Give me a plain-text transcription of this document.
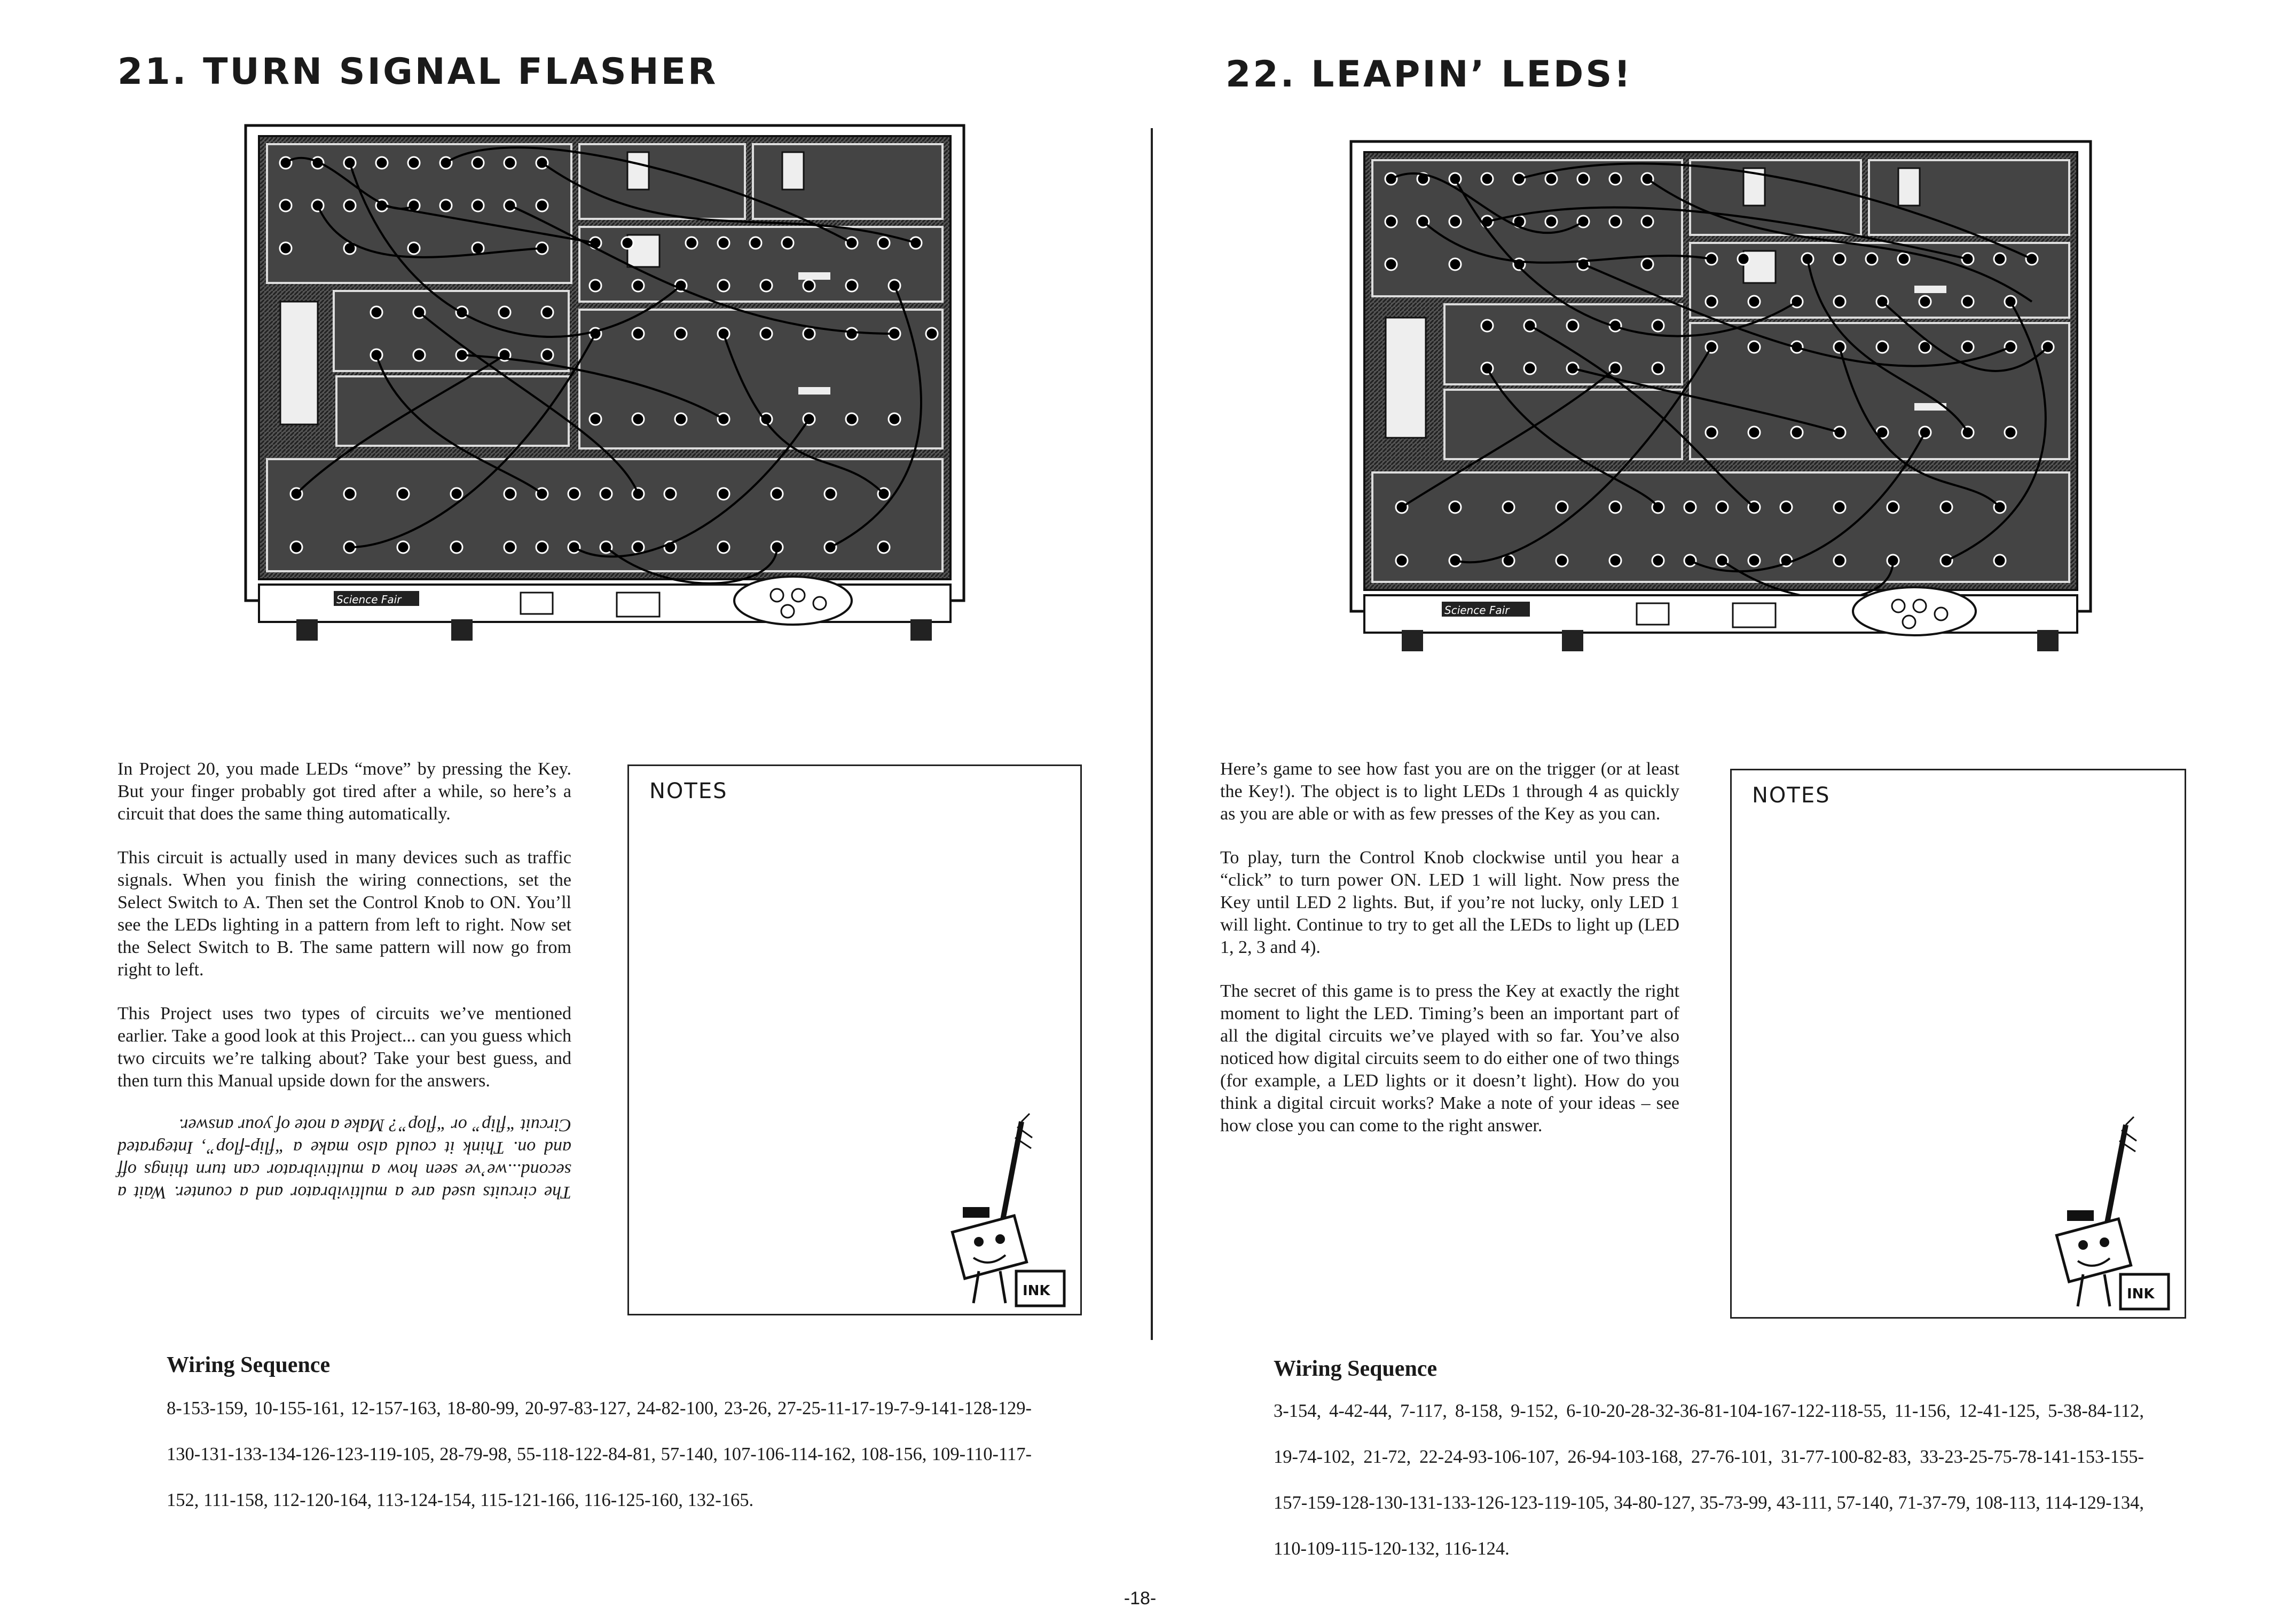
21. TURN SIGNAL FLASHER
Science Fair

In Project 20, you made LEDs “move” by pressing the Key. But your finger probably got tired after a while, so here’s a circuit that does the same thing automatically.

This circuit is actually used in many devices such as traffic signals. When you finish the wiring connections, set the Select Switch to A. Then set the Control Knob to ON. You’ll see the LEDs lighting in a pattern from left to right. Now set the Select Switch to B. The same pattern will now go from right to left.

This Project uses two types of circuits we’ve mentioned earlier. Take a good look at this Project... can you guess which two circuits we’re talking about? Take your best guess, and then turn this Manual upside down for the answers.

The circuits used are a multivibrator and a counter. Wait a second...we’ve seen how a multivibrator can turn things off and on. Think it could also make a “flip-flop”, Integrated Circuit “flip” or “flop”? Make a note of your answer.

NOTES
INK
Wiring Sequence
8-153-159, 10-155-161, 12-157-163, 18-80-99, 20-97-83-127, 24-82-100, 23-26, 27-25-11-17-19-7-9-141-128-129-130-131-133-134-126-123-119-105, 28-79-98, 55-118-122-84-81, 57-140, 107-106-114-162, 108-156, 109-110-117-152, 111-158, 112-120-164, 113-124-154, 115-121-166, 116-125-160, 132-165.
22. LEAPIN’ LEDS!
Science Fair

Here’s game to see how fast you are on the trigger (or at least the Key!). The object is to light LEDs 1 through 4 as quickly as you are able or with as few presses of the Key as you can.

To play, turn the Control Knob clockwise until you hear a “click” to turn power ON. LED 1 will light. Now press the Key until LED 2 lights. But, if you’re not lucky, only LED 1 will light. Continue to try to get all the LEDs to light up (LED 1, 2, 3 and 4).

The secret of this game is to press the Key at exactly the right moment to light the LED. Timing’s been an important part of all the digital circuits we’ve played with so far. You’ve also noticed how digital circuits seem to do either one of two things (for example, a LED lights or it doesn’t light). How do you think a digital circuit works? Make a note of your ideas – see how close you can come to the right answer.

NOTES
INK
Wiring Sequence
3-154, 4-42-44, 7-117, 8-158, 9-152, 6-10-20-28-32-36-81-104-167-122-118-55, 11-156, 12-41-125, 5-38-84-112, 19-74-102, 21-72, 22-24-93-106-107, 26-94-103-168, 27-76-101, 31-77-100-82-83, 33-23-25-75-78-141-153-155-157-159-128-130-131-133-126-123-119-105, 34-80-127, 35-73-99, 43-111, 57-140, 71-37-79, 108-113, 114-129-134, 110-109-115-120-132, 116-124.
-18-
